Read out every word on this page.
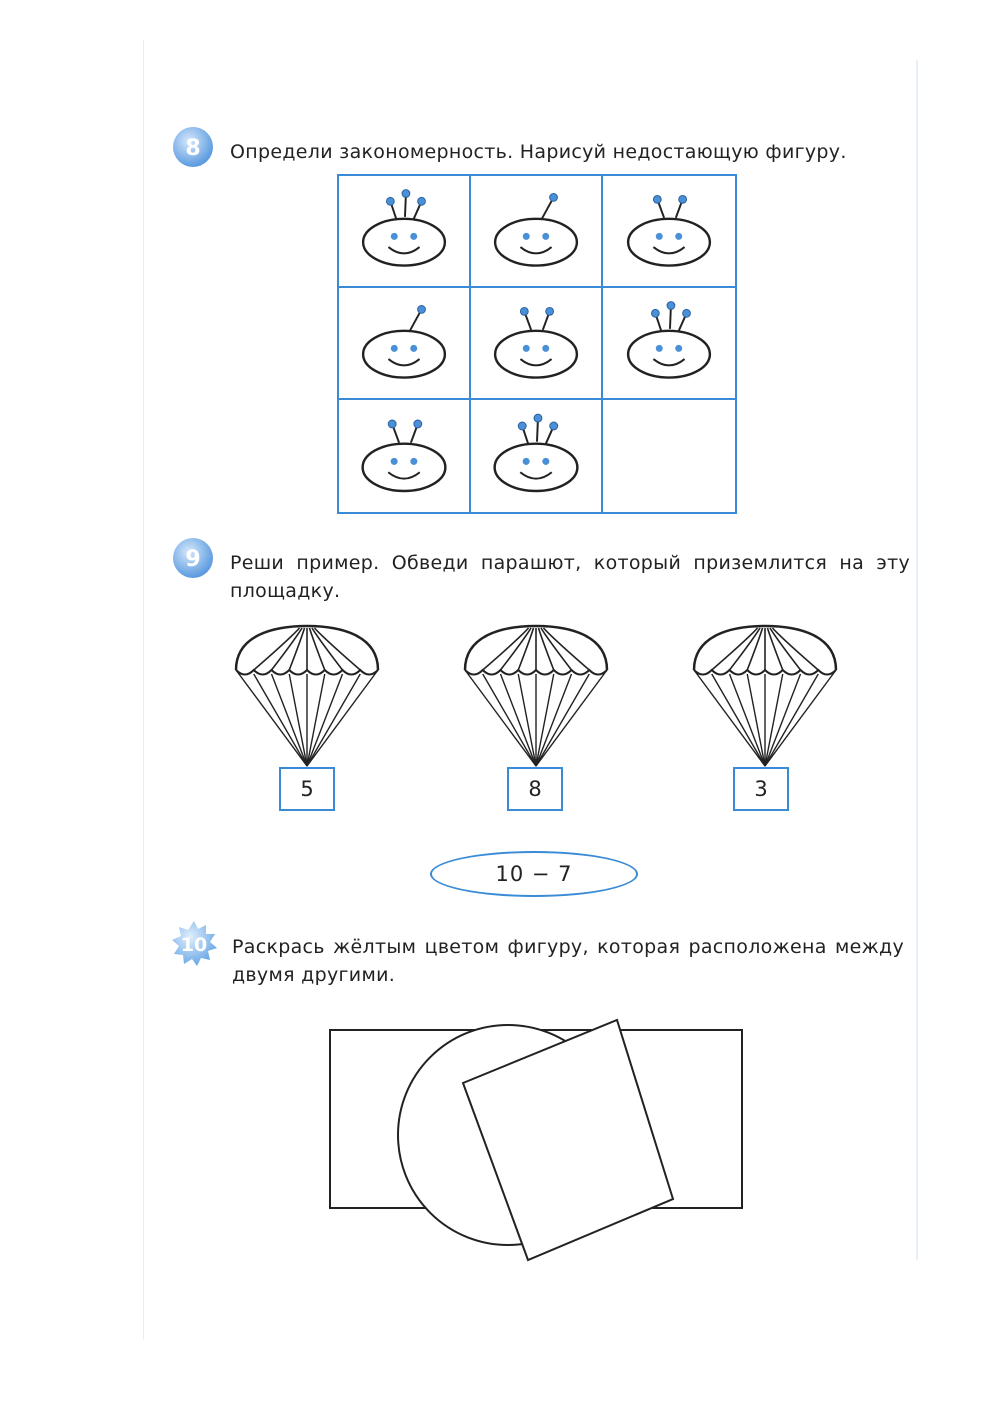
8 Определи закономерность. Нарисуй недостающую фигуру.
9 Реши пример. Обведи парашют, который приземлится на эту площадку.
5	8	3
10 − 7
10 Раскрась жёлтым цветом фигуру, которая расположена между двумя другими.
